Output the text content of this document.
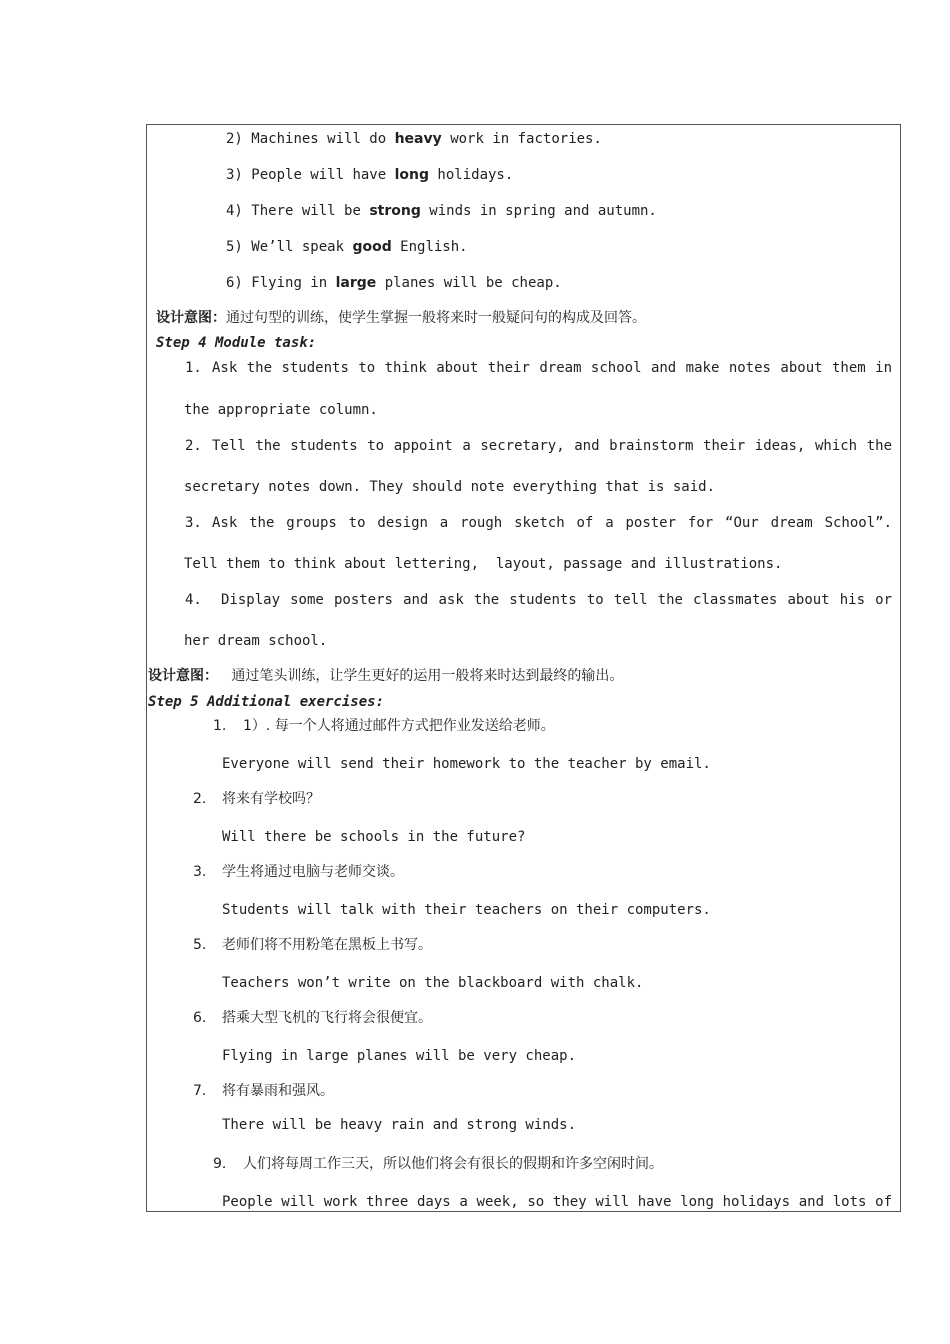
2) Machines will do heavy work in factories.
3) People will have long holidays.
4) There will be strong winds in spring and autumn.
5) We’ll speak good English.
6) Flying in large planes will be cheap.
设计意图：通过句型的训练，使学生掌握一般将来时一般疑问句的构成及回答。
Step 4 Module task:
1. Ask the students to think about their dream school and make notes about them in
the appropriate column.
2. Tell the students to appoint a secretary, and brainstorm their ideas, which the
secretary notes down. They should note everything that is said.
3. Ask the groups to design a rough sketch of a poster for “Our dream School”.
Tell them to think about lettering,  layout, passage and illustrations.
4. Display some posters and ask the students to tell the classmates about his or
her dream school.
设计意图： 通过笔头训练，让学生更好的运用一般将来时达到最终的输出。
Step 5 Additional exercises:
1. 1）. 每一个人将通过邮件方式把作业发送给老师。
Everyone will send their homework to the teacher by email.
2. 将来有学校吗？
Will there be schools in the future?
3. 学生将通过电脑与老师交谈。
Students will talk with their teachers on their computers.
5. 老师们将不用粉笔在黑板上书写。
Teachers won’t write on the blackboard with chalk.
6. 搭乘大型飞机的飞行将会很便宜。
Flying in large planes will be very cheap.
7. 将有暴雨和强风。
There will be heavy rain and strong winds.
9. 人们将每周工作三天，所以他们将会有很长的假期和许多空闲时间。
People will work three days a week, so they will have long holidays and lots of
